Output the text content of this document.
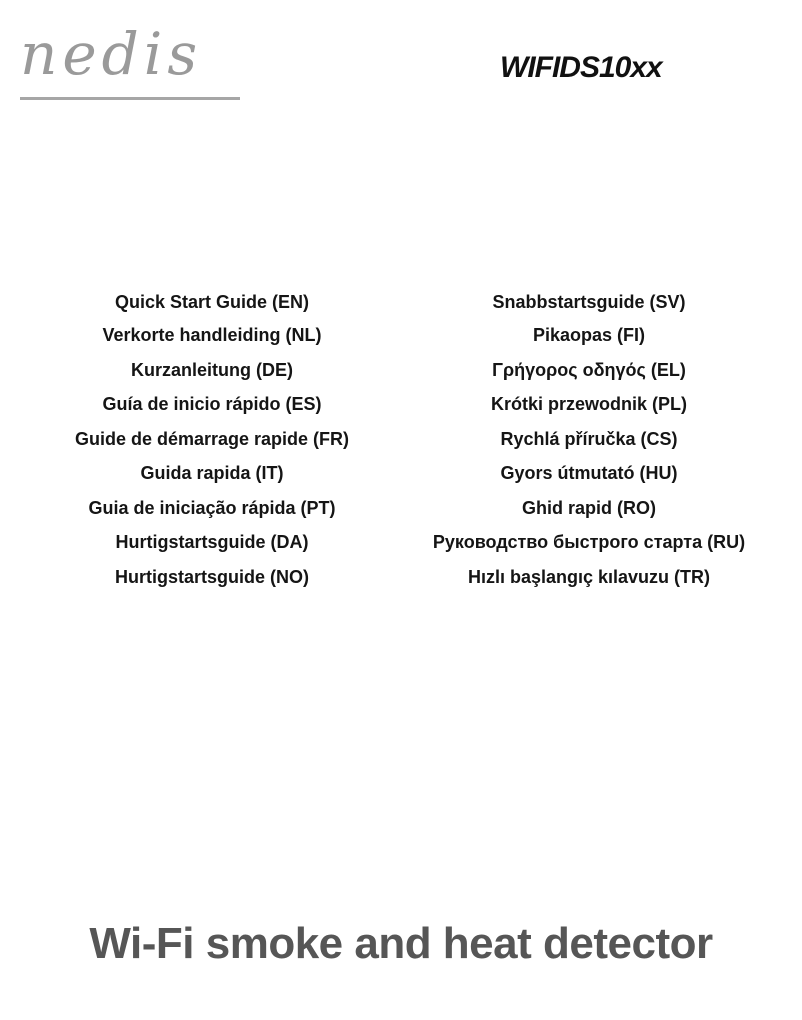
nedis	WIFIDS10xx
Quick Start Guide (EN)
Verkorte handleiding (NL)
Kurzanleitung (DE)
Guía de inicio rápido (ES)
Guide de démarrage rapide (FR)
Guida rapida (IT)
Guia de iniciação rápida (PT)
Hurtigstartsguide (DA)
Hurtigstartsguide (NO)
Snabbstartsguide (SV)
Pikaopas (FI)
Γρήγορος οδηγός (EL)
Krótki przewodnik (PL)
Rychlá příručka (CS)
Gyors útmutató (HU)
Ghid rapid (RO)
Руководство быстрого старта (RU)
Hızlı başlangıç kılavuzu (TR)
Wi-Fi smoke and heat detector
